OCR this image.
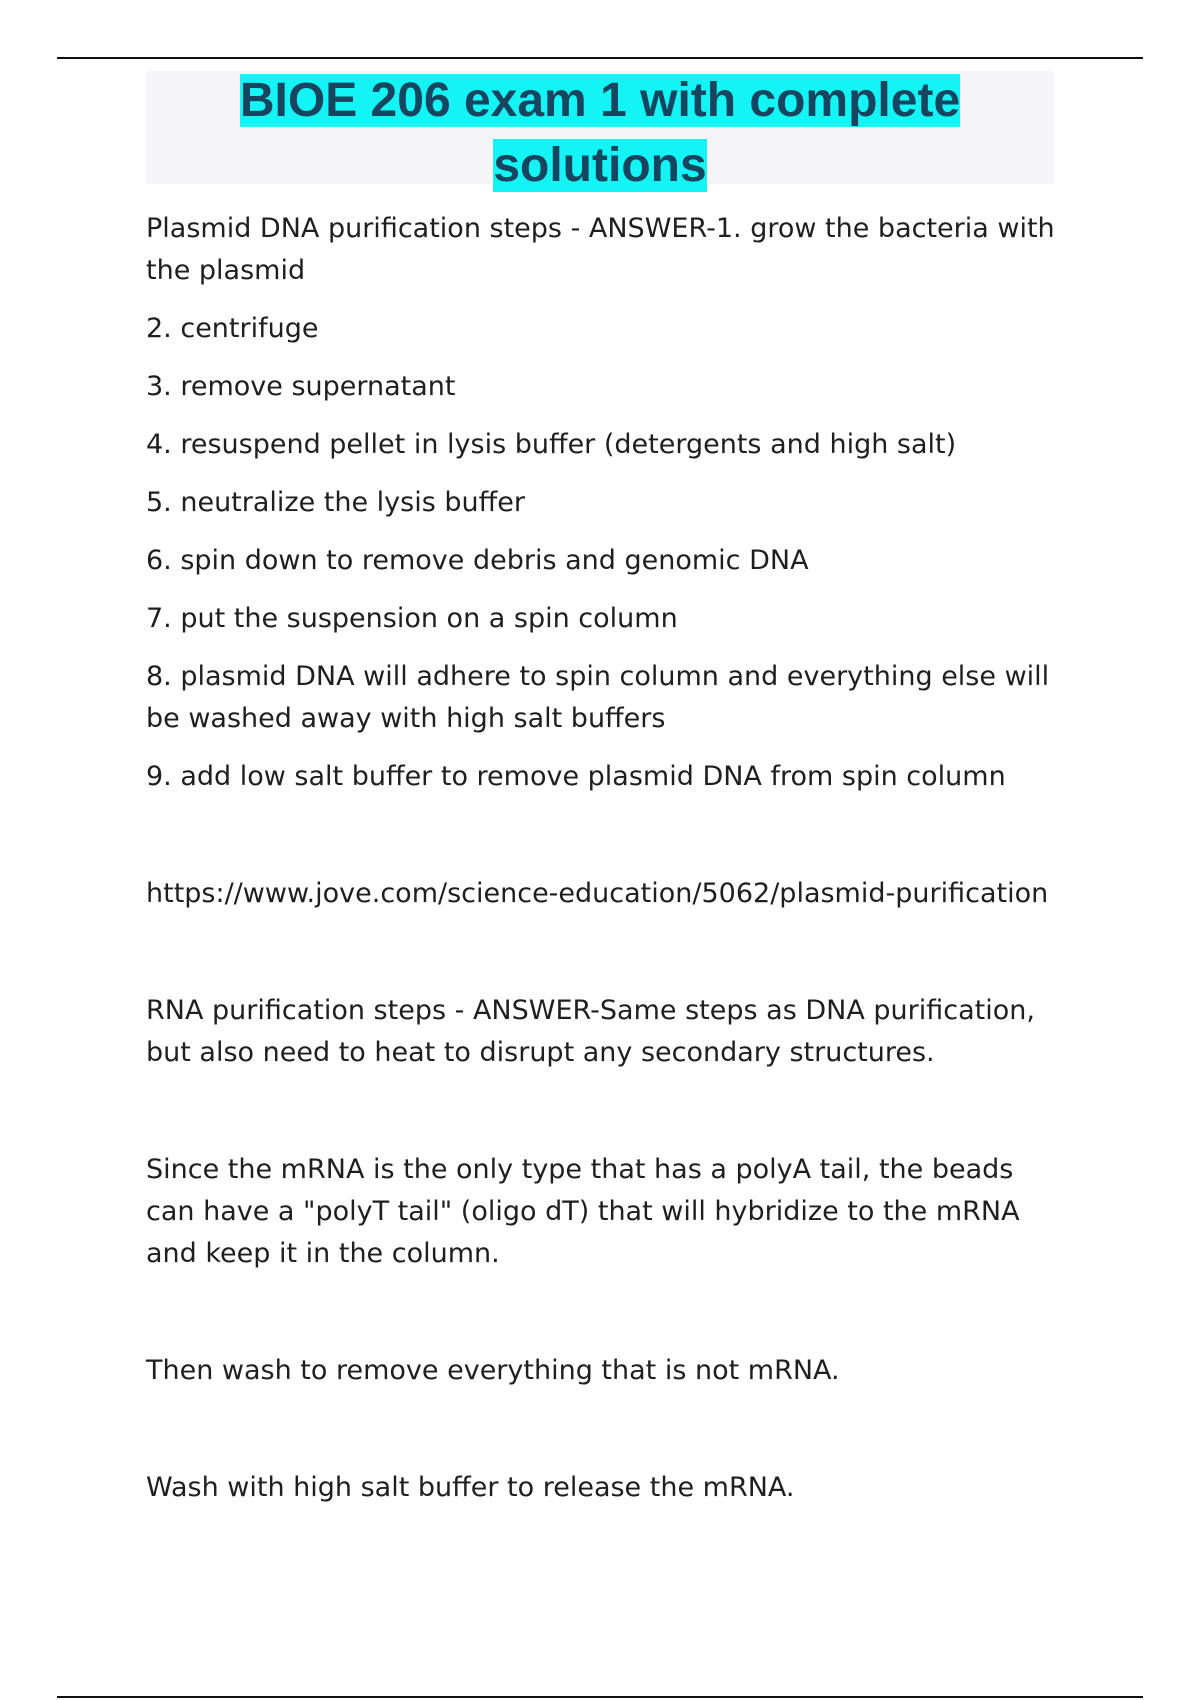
BIOE 206 exam 1 with complete solutions

Plasmid DNA purification steps - ANSWER-1. grow the bacteria with the plasmid

2. centrifuge

3. remove supernatant

4. resuspend pellet in lysis buffer (detergents and high salt)

5. neutralize the lysis buffer

6. spin down to remove debris and genomic DNA

7. put the suspension on a spin column

8. plasmid DNA will adhere to spin column and everything else will be washed away with high salt buffers

9. add low salt buffer to remove plasmid DNA from spin column

https://www.jove.com/science-education/5062/plasmid-purification

RNA purification steps - ANSWER-Same steps as DNA purification, but also need to heat to disrupt any secondary structures.

Since the mRNA is the only type that has a polyA tail, the beads can have a "polyT tail" (oligo dT) that will hybridize to the mRNA and keep it in the column.

Then wash to remove everything that is not mRNA.

Wash with high salt buffer to release the mRNA.
